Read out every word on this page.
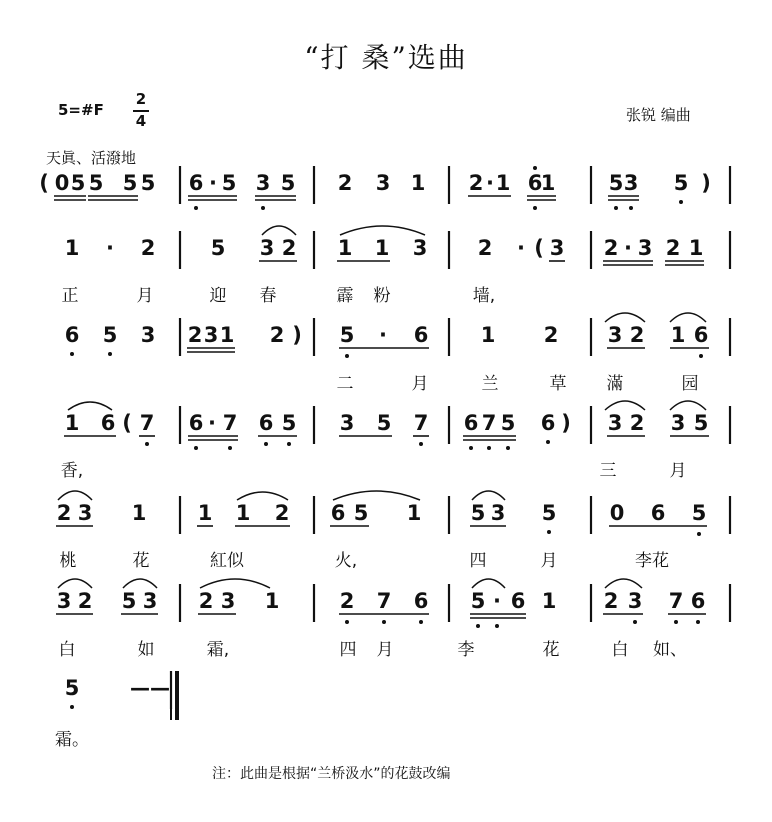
“打 桑”选曲
5=#F
2
4	张锐 编曲
天眞、活潑地
( 0 5 5 5 5 6 · 5 3 5 2 3 1 2 · 1 6
1	5 3 5 )
1 · 2	5 3 2 1 1 3 2 · ( 3 2 · 3 2 1
正	月	迎 春	霹 粉	墙,
6 5 3 2 3 1 2 ) 5 · 6 1 2 3 2 1 6
二	月	兰	草 滿	园
1 6 ( 7 6 · 7 6 5 3 5 7 6 7 5 6 ) 3 2 3 5
香,	三	月
2 3 1 1 1 2 6 5 1 5 3 5	0 6 5
桃	花	紅似	火,	四	月	李花
3 2 5 3 2 3 1	2 7 6 5 · 6 1 2 3 7 6
白	如	霜,	四 月	李	花	白 如、
5	——
霜。
注：此曲是根据“兰桥汲水”的花鼓改编
